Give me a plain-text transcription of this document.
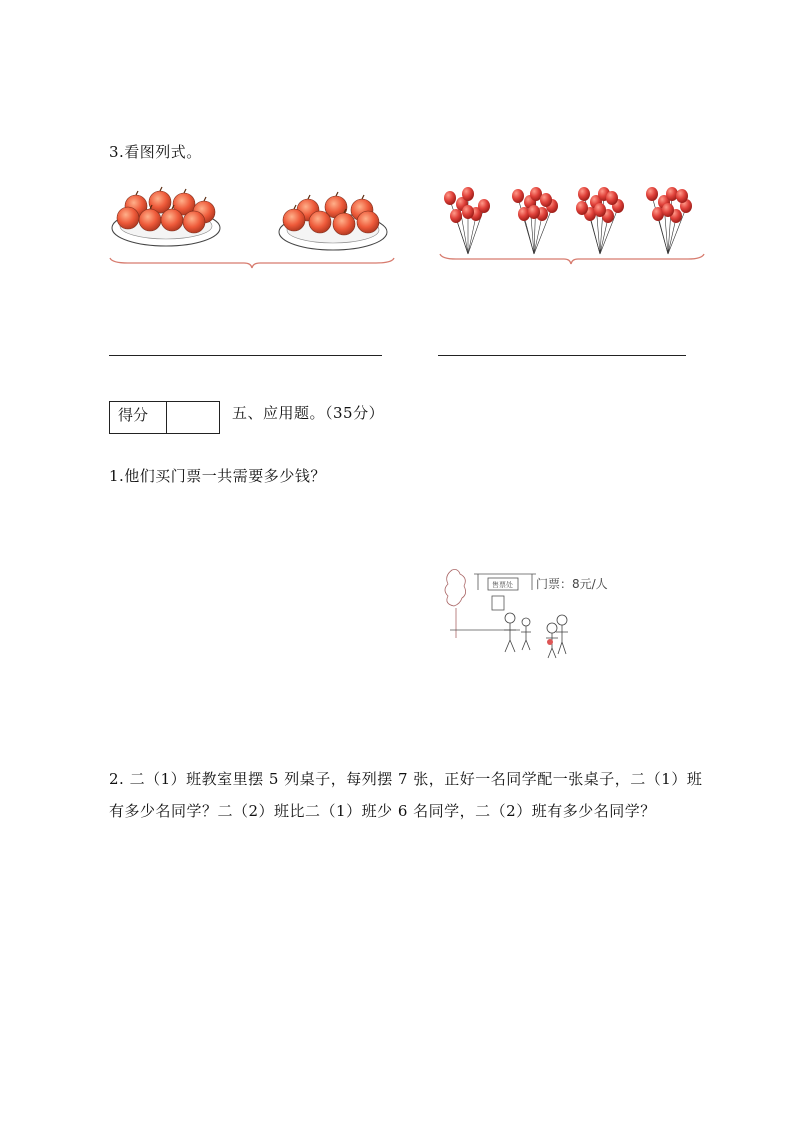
3.看图列式。
得分	五、应用题。（35分）
1.他们买门票一共需要多少钱？
售票处 门票：8元/人
2. 二（1）班教室里摆 5 列桌子，每列摆 7 张，正好一名同学配一张桌子，二（1）班
有多少名同学？二（2）班比二（1）班少 6 名同学，二（2）班有多少名同学？
